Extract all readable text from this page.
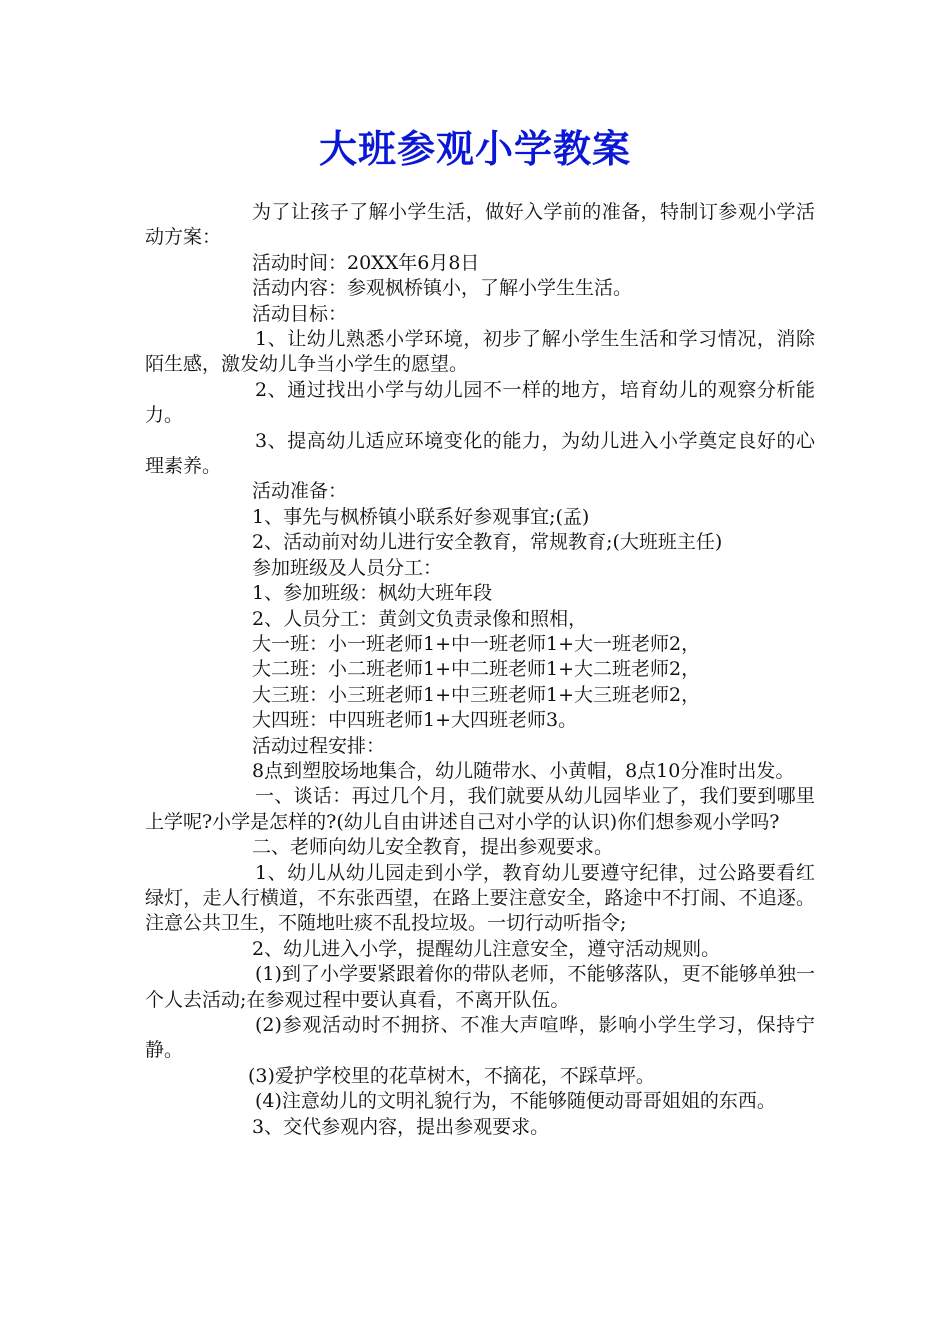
大班参观小学教案

为了让孩子了解小学生活，做好入学前的准备，特制订参观小学活动方案：

活动时间：20XX年6月8日

活动内容：参观枫桥镇小，了解小学生生活。

活动目标：

1、让幼儿熟悉小学环境，初步了解小学生生活和学习情况，消除陌生感，激发幼儿争当小学生的愿望。

2、通过找出小学与幼儿园不一样的地方，培育幼儿的观察分析能力。

3、提高幼儿适应环境变化的能力，为幼儿进入小学奠定良好的心理素养。

活动准备：

1、事先与枫桥镇小联系好参观事宜;(孟)

2、活动前对幼儿进行安全教育，常规教育;(大班班主任)

参加班级及人员分工：

1、参加班级：枫幼大班年段

2、人员分工：黄剑文负责录像和照相，

大一班：小一班老师1+中一班老师1+大一班老师2，

大二班：小二班老师1+中二班老师1+大二班老师2，

大三班：小三班老师1+中三班老师1+大三班老师2，

大四班：中四班老师1+大四班老师3。

活动过程安排：

8点到塑胶场地集合，幼儿随带水、小黄帽，8点10分准时出发。

一、谈话：再过几个月，我们就要从幼儿园毕业了，我们要到哪里上学呢?小学是怎样的?(幼儿自由讲述自己对小学的认识)你们想参观小学吗?

二、老师向幼儿安全教育，提出参观要求。

1、幼儿从幼儿园走到小学，教育幼儿要遵守纪律，过公路要看红绿灯，走人行横道，不东张西望，在路上要注意安全，路途中不打闹、不追逐。注意公共卫生，不随地吐痰不乱投垃圾。一切行动听指令;

2、幼儿进入小学，提醒幼儿注意安全，遵守活动规则。

(1)到了小学要紧跟着你的带队老师，不能够落队，更不能够单独一个人去活动;在参观过程中要认真看，不离开队伍。

(2)参观活动时不拥挤、不准大声喧哗，影响小学生学习，保持宁静。

(3)爱护学校里的花草树木，不摘花，不踩草坪。

(4)注意幼儿的文明礼貌行为，不能够随便动哥哥姐姐的东西。

3、交代参观内容，提出参观要求。
